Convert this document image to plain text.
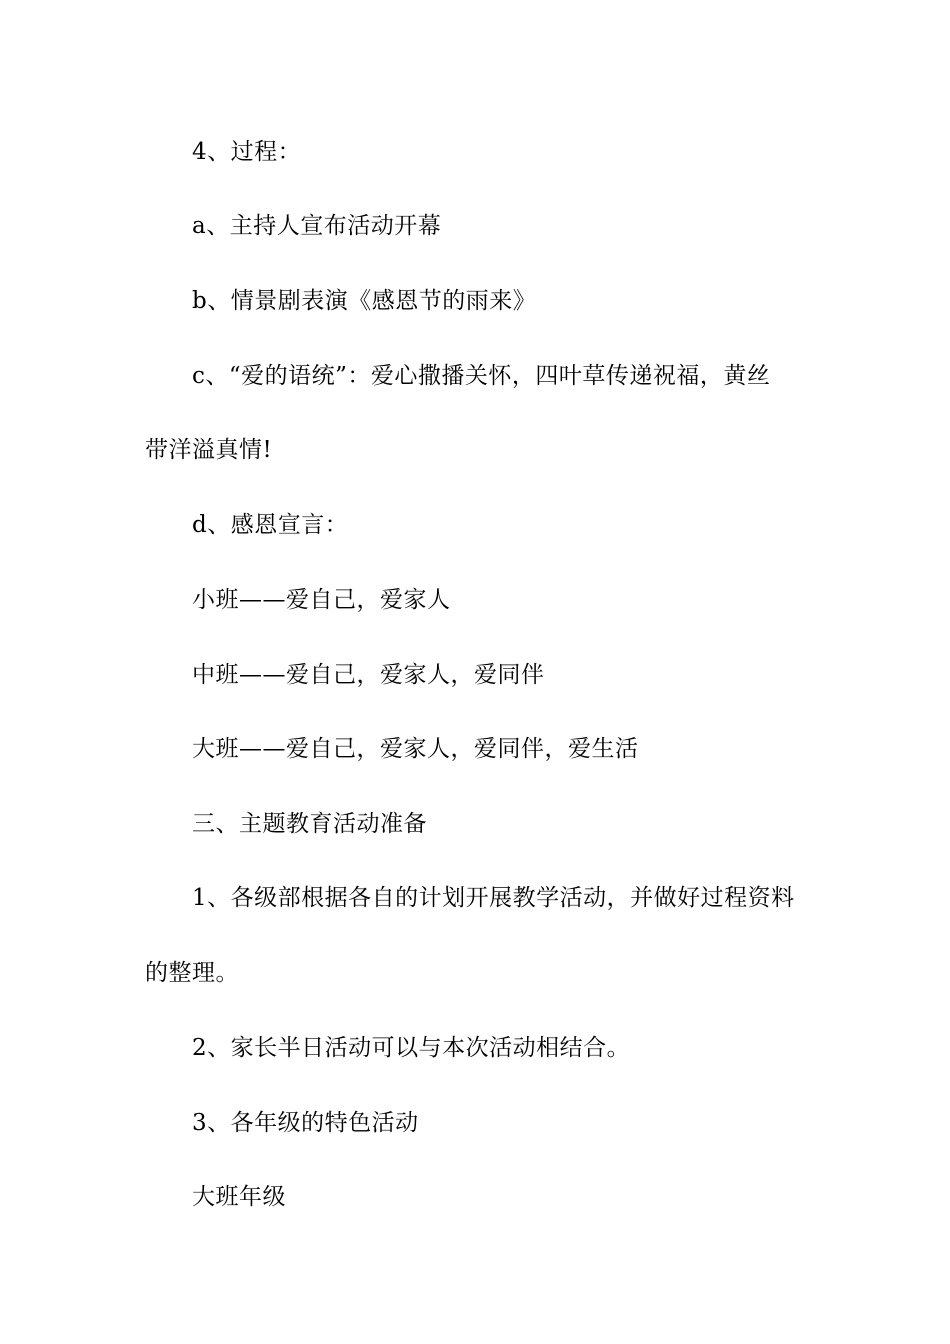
4、过程：
a、主持人宣布活动开幕
b、情景剧表演《感恩节的雨来》
c、“爱的语统”：爱心撒播关怀，四叶草传递祝福，黄丝
带洋溢真情!
d、感恩宣言：
小班——爱自己，爱家人
中班——爱自己，爱家人，爱同伴
大班——爱自己，爱家人，爱同伴，爱生活
三、主题教育活动准备
1、各级部根据各自的计划开展教学活动，并做好过程资料
的整理。
2、家长半日活动可以与本次活动相结合。
3、各年级的特色活动
大班年级
